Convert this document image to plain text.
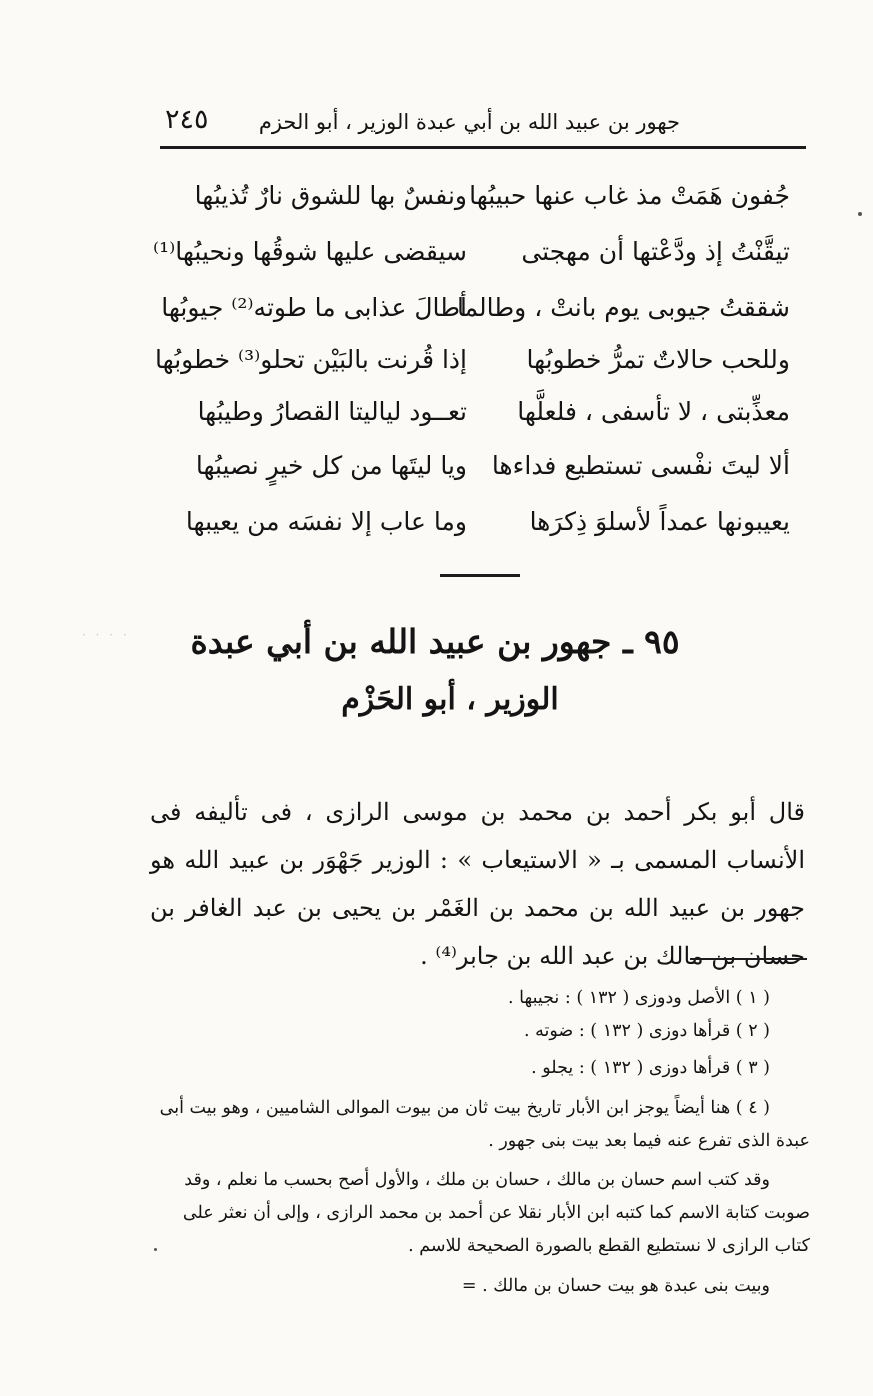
جهور بن عبيد الله بن أبي عبدة الوزير ، أبو الحزم
٢٤٥
جُفون هَمَتْ مذ غاب عنها حبيبُها
ونفسٌ بها للشوق نارٌ تُذيبُها
تيقَّنْتُ إذ ودَّعْتها أن مهجتى
سيقضى عليها شوقُها ونحيبُها⁽¹⁾
شققتُ جيوبى يوم بانتْ ، وطالما
أطالَ عذابى ما طوته⁽²⁾ جيوبُها
وللحب حالاتٌ تمرُّ خطوبُها
إذا قُرنت بالبَيْن تحلو⁽³⁾ خطوبُها
معذِّبتى ، لا تأسفى ، فلعلَّها
تعــود لياليتا القصارُ وطيبُها
ألا ليتَ نفْسى تستطيع فداءها
ويا ليتَها من كل خيرٍ نصيبُها
يعيبونها عمداً لأسلوَ ذِكرَها
وما عاب إلا نفسَه من يعيبها
٩٥ ـ جهور بن عبيد الله بن أبي عبدة
الوزير ، أبو الحَزْم
قال أبو بكر أحمد بن محمد بن موسى الرازى ، فى تأليفه فى الأنساب المسمى بـ « الاستيعاب » : الوزير جَهْوَر بن عبيد الله هو جهور بن عبيد الله بن محمد بن الغَمْر بن يحيى بن عبد الغافر بن حسان بن مالك بن عبد الله بن جابر⁽⁴⁾ .
( ١ ) الأصل ودوزى ( ١٣٢ ) : نجيبها .
( ٢ ) قرأها دوزى ( ١٣٢ ) : ضوته .
( ٣ ) قرأها دوزى ( ١٣٢ ) : يجلو .
( ٤ ) هنا أيضاً يوجز ابن الأبار تاريخ بيت ثان من بيوت الموالى الشاميين ، وهو بيت أبى عبدة الذى تفرع عنه فيما بعد بيت بنى جهور .
وقد كتب اسم حسان بن مالك ، حسان بن ملك ، والأول أصح بحسب ما نعلم ، وقد صوبت كتابة الاسم كما كتبه ابن الأبار نقلا عن أحمد بن محمد الرازى ، وإلى أن نعثر على كتاب الرازى لا نستطيع القطع بالصورة الصحيحة للاسم .
وبيت بنى عبدة هو بيت حسان بن مالك . =
· · · ·
